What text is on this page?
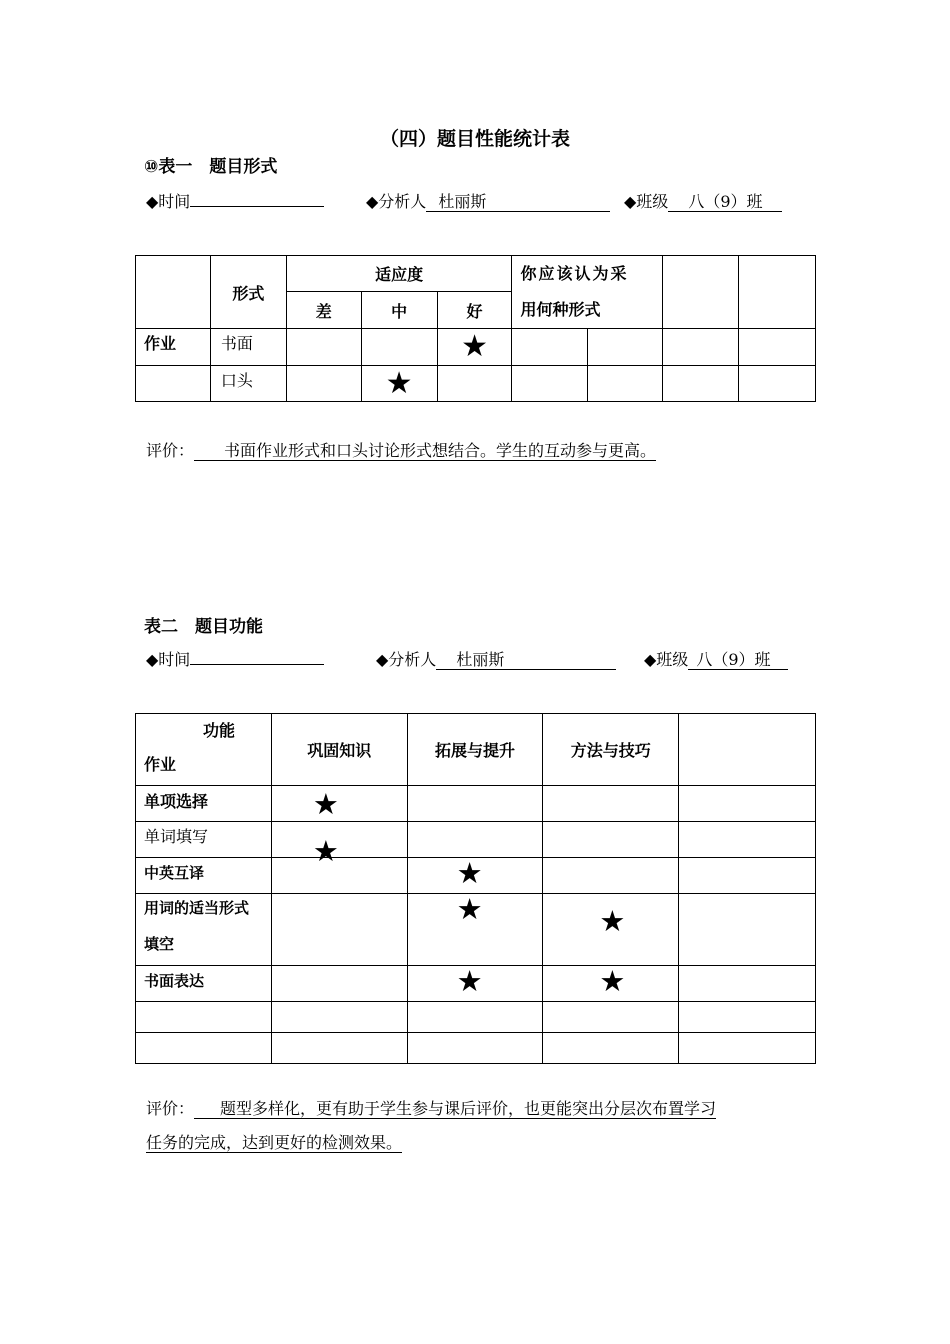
（四）题目性能统计表
⑩表一　题目形式
◆时间	◆分析人 杜丽斯	◆班级 八（9）班
	形式	适应度			你应该认为采
用何种形式			

		差	中	好				
作业	书面			★				
	口头		★					
评价： 书面作业形式和口头讨论形式想结合。学生的互动参与更高。
表二　题目功能
◆时间	◆分析人 杜丽斯	◆班级 八（9）班
功能
作业	巩固知识	拓展与提升	方法与技巧	
单项选择	★			

单词填写	★			

中英互译		★		

用词的适当形式
填空		★	★	

书面表达		★	★	

评价： 题型多样化，更有助于学生参与课后评价，也更能突出分层次布置学习
任务的完成，达到更好的检测效果。
